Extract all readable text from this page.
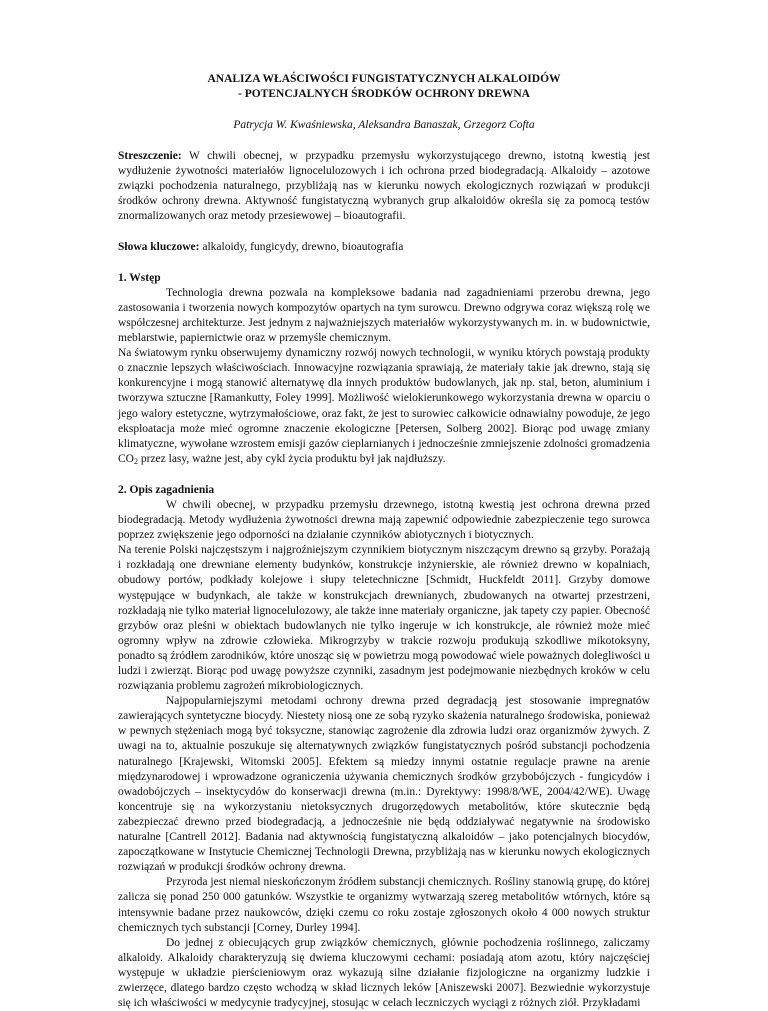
ANALIZA WŁAŚCIWOŚCI FUNGISTATYCZNYCH ALKALOIDÓW
- POTENCJALNYCH ŚRODKÓW OCHRONY DREWNA
Patrycja W. Kwaśniewska, Aleksandra Banaszak, Grzegorz Cofta

Streszczenie: W chwili obecnej, w przypadku przemysłu wykorzystującego drewno, istotną kwestią jest wydłużenie żywotności materiałów lignocelulozowych i ich ochrona przed biodegradacją. Alkaloidy – azotowe związki pochodzenia naturalnego, przybliżają nas w kierunku nowych ekologicznych rozwiązań w produkcji środków ochrony drewna. Aktywność fungistatyczną wybranych grup alkaloidów określa się za pomocą testów znormalizowanych oraz metody przesiewowej – bioautografii.

Słowa kluczowe: alkaloidy, fungicydy, drewno, bioautografia

1. Wstęp

Technologia drewna pozwala na kompleksowe badania nad zagadnieniami przerobu drewna, jego zastosowania i tworzenia nowych kompozytów opartych na tym surowcu. Drewno odgrywa coraz większą rolę we współczesnej architekturze. Jest jednym z najważniejszych materiałów wykorzystywanych m. in. w budownictwie, meblarstwie, papiernictwie oraz w przemyśle chemicznym.

Na światowym rynku obserwujemy dynamiczny rozwój nowych technologii, w wyniku których powstają produkty o znacznie lepszych właściwościach. Innowacyjne rozwiązania sprawiają, że materiały takie jak drewno, stają się konkurencyjne i mogą stanowić alternatywę dla innych produktów budowlanych, jak np. stal, beton, aluminium i tworzywa sztuczne [Ramankutty, Foley 1999]. Możliwość wielokierunkowego wykorzystania drewna w oparciu o jego walory estetyczne, wytrzymałościowe, oraz fakt, że jest to surowiec całkowicie odnawialny powoduje, że jego eksploatacja może mieć ogromne znaczenie ekologiczne [Petersen, Solberg 2002]. Biorąc pod uwagę zmiany klimatyczne, wywołane wzrostem emisji gazów cieplarnianych i jednocześnie zmniejszenie zdolności gromadzenia $CO_2$ przez lasy, ważne jest, aby cykl życia produktu był jak najdłuższy.

2. Opis zagadnienia

W chwili obecnej, w przypadku przemysłu drzewnego, istotną kwestią jest ochrona drewna przed biodegradacją. Metody wydłużenia żywotności drewna mają zapewnić odpowiednie zabezpieczenie tego surowca poprzez zwiększenie jego odporności na działanie czynników abiotycznych i biotycznych.

Na terenie Polski najczęstszym i najgroźniejszym czynnikiem biotycznym niszczącym drewno są grzyby. Porażają i rozkładają one drewniane elementy budynków, konstrukcje inżynierskie, ale również drewno w kopalniach, obudowy portów, podkłady kolejowe i słupy teletechniczne [Schmidt, Huckfeldt 2011]. Grzyby domowe występujące w budynkach, ale także w konstrukcjach drewnianych, zbudowanych na otwartej przestrzeni, rozkładają nie tylko materiał lignocelulozowy, ale także inne materiały organiczne, jak tapety czy papier. Obecność grzybów oraz pleśni w obiektach budowlanych nie tylko ingeruje w ich konstrukcje, ale również może mieć ogromny wpływ na zdrowie człowieka. Mikrogrzyby w trakcie rozwoju produkują szkodliwe mikotoksyny, ponadto są źródłem zarodników, które unosząc się w powietrzu mogą powodować wiele poważnych dolegliwości u ludzi i zwierząt. Biorąc pod uwagę powyższe czynniki, zasadnym jest podejmowanie niezbędnych kroków w celu rozwiązania problemu zagrożeń mikrobiologicznych.

Najpopularniejszymi metodami ochrony drewna przed degradacją jest stosowanie impregnatów zawierających syntetyczne biocydy. Niestety niosą one ze sobą ryzyko skażenia naturalnego środowiska, ponieważ w pewnych stężeniach mogą być toksyczne, stanowiąc zagrożenie dla zdrowia ludzi oraz organizmów żywych. Z uwagi na to, aktualnie poszukuje się alternatywnych związków fungistatycznych pośród substancji pochodzenia naturalnego [Krajewski, Witomski 2005]. Efektem są miedzy innymi ostatnie regulacje prawne na arenie międzynarodowej i wprowadzone ograniczenia używania chemicznych środków grzybobójczych - fungicydów i owadobójczych – insektycydów do konserwacji drewna (m.in.: Dyrektywy: 1998/8/WE, 2004/42/WE). Uwagę koncentruje się na wykorzystaniu nietoksycznych drugorzędowych metabolitów, które skutecznie będą zabezpieczać drewno przed biodegradacją, a jednocześnie nie będą oddziaływać negatywnie na środowisko naturalne [Cantrell 2012]. Badania nad aktywnością fungistatyczną alkaloidów – jako potencjalnych biocydów, zapoczątkowane w Instytucie Chemicznej Technologii Drewna, przybliżają nas w kierunku nowych ekologicznych rozwiązań w produkcji środków ochrony drewna.

Przyroda jest niemal nieskończonym źródłem substancji chemicznych. Rośliny stanowią grupę, do której zalicza się ponad 250 000 gatunków. Wszystkie te organizmy wytwarzają szereg metabolitów wtórnych, które są intensywnie badane przez naukowców, dzięki czemu co roku zostaje zgłoszonych około 4 000 nowych struktur chemicznych tych substancji [Corney, Durley 1994].

Do jednej z obiecujących grup związków chemicznych, głównie pochodzenia roślinnego, zaliczamy alkaloidy. Alkaloidy charakteryzują się dwiema kluczowymi cechami: posiadają atom azotu, który najczęściej występuje w układzie pierścieniowym oraz wykazują silne działanie fizjologiczne na organizmy ludzkie i zwierzęce, dlatego bardzo często wchodzą w skład licznych leków [Aniszewski 2007]. Bezwiednie wykorzystuje się ich właściwości w medycynie tradycyjnej, stosując w celach leczniczych wyciągi z różnych ziół. Przykładami
